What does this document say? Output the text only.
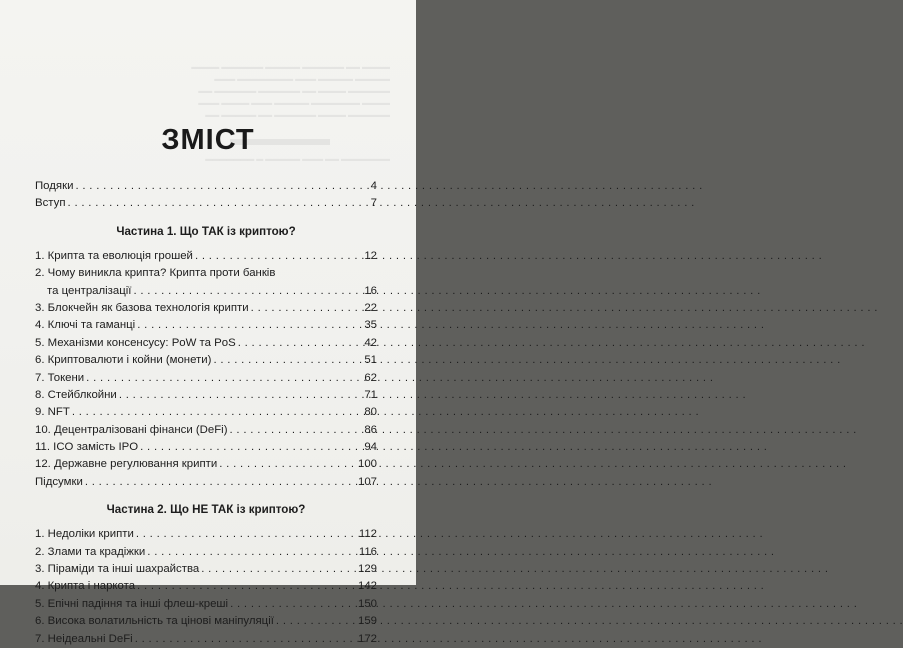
▬▬▬▬ ▬▬ ▬▬▬▬▬▬ ▬▬▬▬▬ ▬▬▬▬▬▬ ▬▬▬▬
▬▬▬▬▬ ▬▬▬▬▬ ▬▬▬ ▬▬▬▬▬▬▬▬ ▬▬▬
▬▬▬▬▬▬ ▬▬▬▬ ▬▬ ▬▬▬▬▬▬ ▬▬▬▬▬▬ ▬▬
▬▬▬▬ ▬▬▬▬▬▬▬ ▬▬▬▬▬ ▬▬▬ ▬▬▬▬ ▬▬▬
▬▬▬▬▬▬ ▬▬▬▬ ▬▬▬▬▬▬ ▬▬ ▬▬▬▬▬ ▬▬
▬▬▬▬▬
▬▬▬▬▬▬▬ ▬▬ ▬▬▬ ▬▬▬▬▬ ▬ ▬▬▬▬▬▬▬
ЗМІСТ
Подяки . . .	4
Вступ . . .	7
Частина 1. Що ТАК із криптою?
1. Крипта та еволюція грошей . . .	12
2. Чому виникла крипта? Крипта проти банків
та централізації . . .	16
3. Блокчейн як базова технологія крипти . . .	22
4. Ключі та гаманці . . .	35
5. Механізми консенсусу: PoW та PoS . . .	42
6. Криптовалюти і койни (монети) . . .	51
7. Токени . . .	62
8. Стейблкойни . . .	71
9. NFT . . .	80
10. Децентралізовані фінанси (DeFi) . . .	86
11. ICO замість IPO . . .	94
12. Державне регулювання крипти . . .	100
Підсумки . . .	107
Частина 2. Що НЕ ТАК із криптою?
1. Недоліки крипти . . .	112
2. Злами та крадіжки . . .	116
3. Піраміди та інші шахрайства . . .	129
4. Крипта і наркота . . .	142
5. Епічні падіння та інші флеш-креші . . .	150
6. Висока волатильність та цінові маніпуляції . . .	159
7. Неідеальні DeFi . . .	172
